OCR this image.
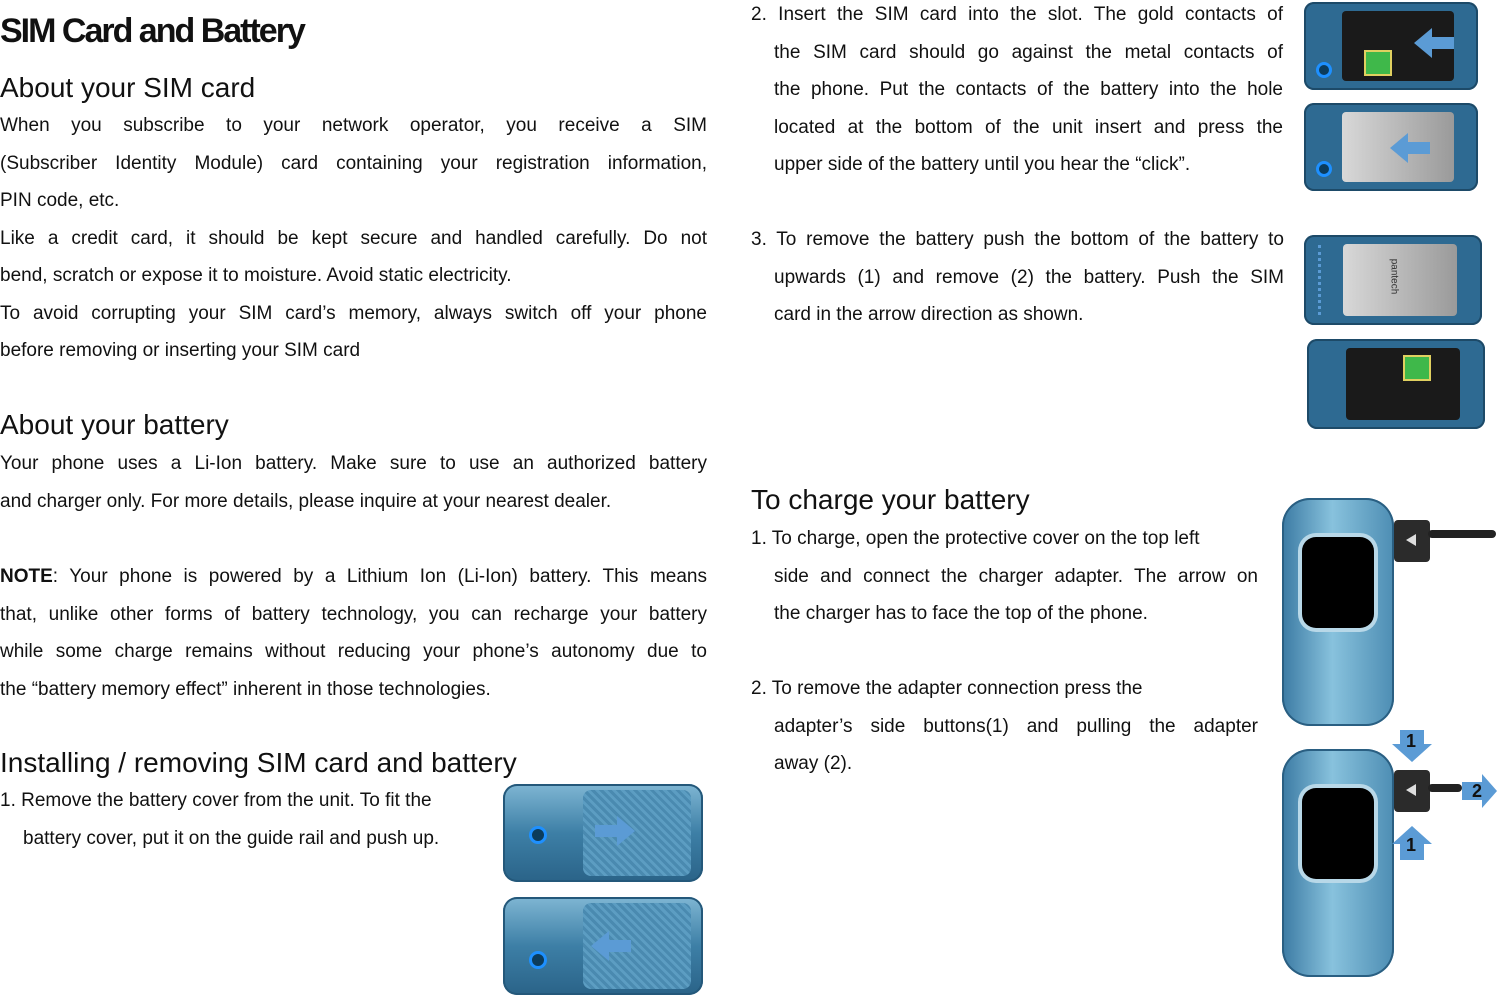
SIM Card and Battery
About your SIM card
When you subscribe to your network operator, you receive a SIM
(Subscriber Identity Module) card containing your registration information,
PIN code, etc.
Like a credit card, it should be kept secure and handled carefully. Do not
bend, scratch or expose it to moisture. Avoid static electricity.
To avoid corrupting your SIM card’s memory, always switch off your phone
before removing or inserting your SIM card
About your battery
Your phone uses a Li-Ion battery. Make sure to use an authorized battery
and charger only. For more details, please inquire at your nearest dealer.
NOTE: Your phone is powered by a Lithium Ion (Li-Ion) battery. This means
that, unlike other forms of battery technology, you can recharge your battery
while some charge remains without reducing your phone’s autonomy due to
the “battery memory effect” inherent in those technologies.
Installing / removing SIM card and battery
1. Remove the battery cover from the unit. To fit the
battery cover, put it on the guide rail and push up.
2. Insert the SIM card into the slot. The gold contacts of
the SIM card should go against the metal contacts of
the phone. Put the contacts of the battery into the hole
located at the bottom of the unit insert and press the
upper side of the battery until you hear the “click”.
3. To remove the battery push the bottom of the battery to
upwards (1) and remove (2) the battery. Push the SIM
card in the arrow direction as shown.
pantech
To charge your battery
1. To charge, open the protective cover on the top left
side and connect the charger adapter. The arrow on
the charger has to face the top of the phone.
2. To remove the adapter connection press the
adapter’s side buttons(1) and pulling the adapter
away (2).
1
2
1
